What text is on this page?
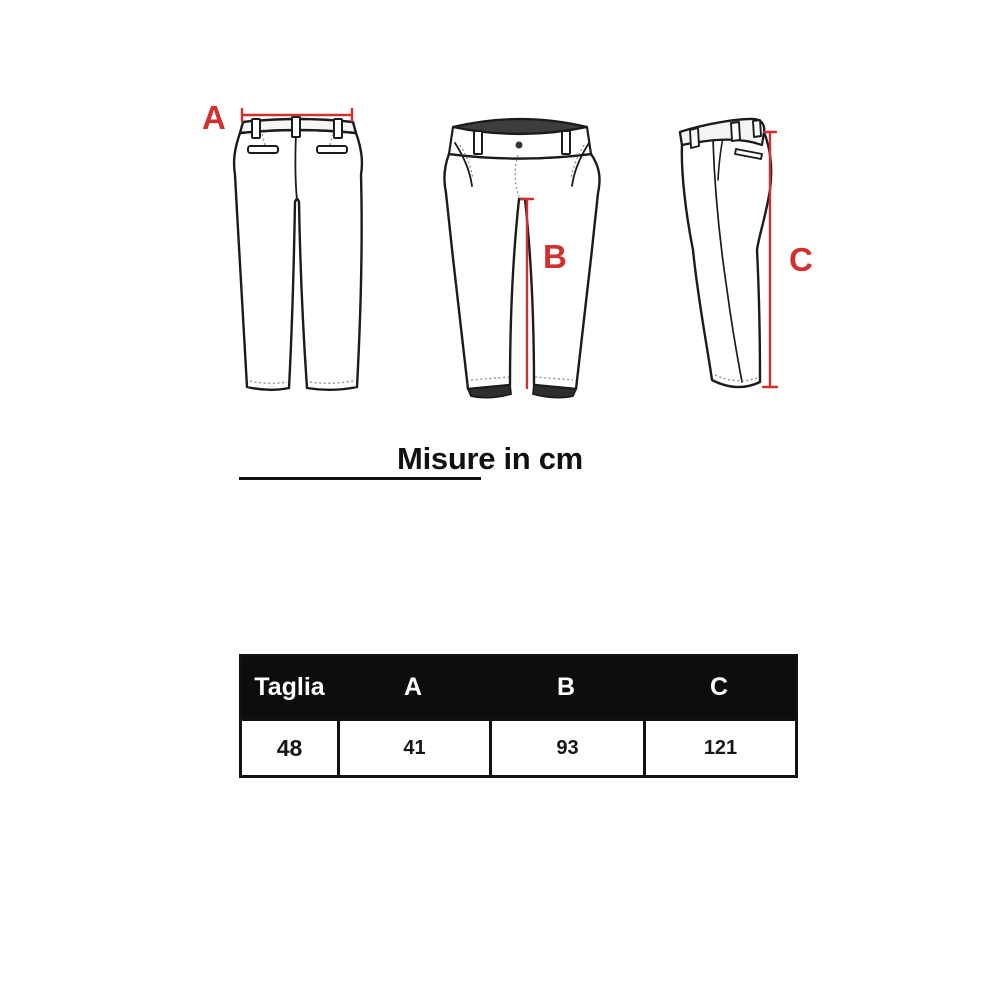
A
B	C
Misure in cm
Taglia	A	B	C
48	41	93	121
